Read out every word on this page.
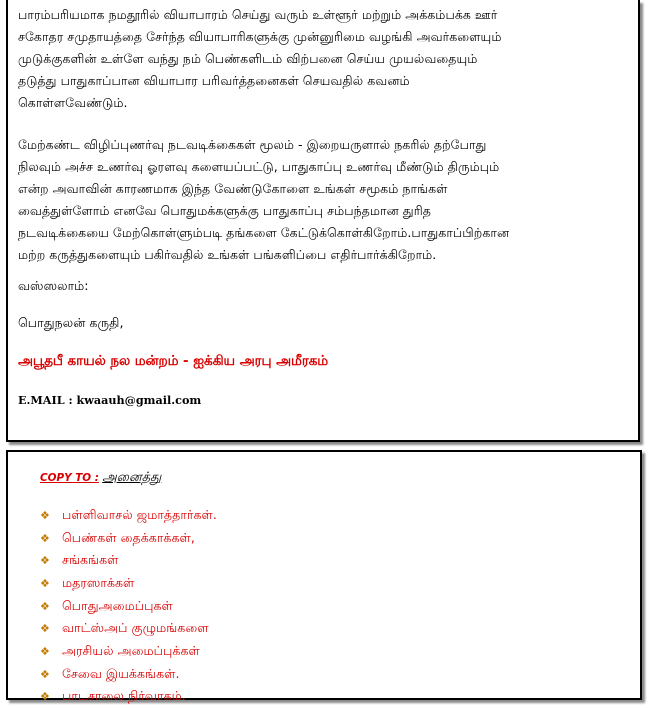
பாரம்பரியமாக நமதூரில் வியாபாரம் செய்து வரும் உள்ளூர் மற்றும் அக்கம்பக்க ஊர்
சகோதர சமுதாயத்தை சேர்ந்த வியாபாரிகளுக்கு முன்னுரிமை வழங்கி அவர்களையும்
முடுக்குகளின் உள்ளே வந்து நம் பெண்களிடம் விற்பனை செய்ய முயல்வதையும்
தடுத்து பாதுகாப்பான வியாபார பரிவர்த்தனைகள் செயவதில் கவனம்
கொள்ளவேண்டும்.
மேற்கண்ட விழிப்புணர்வு நடவடிக்கைகள் மூலம் - இறையருளால் நகரில் தற்போது
நிலவும் அச்ச உணர்வு ஓரளவு களையப்பட்டு, பாதுகாப்பு உணர்வு மீண்டும் திரும்பும்
என்ற அவாவின் காரணமாக இந்த வேண்டுகோளை உங்கள் சமூகம் நாங்கள்
வைத்துள்ளோம் எனவே பொதுமக்களுக்கு பாதுகாப்பு சம்பந்தமான துரித
நடவடிக்கையை மேற்கொள்ளும்படி தங்களை கேட்டுக்கொள்கிறோம்.பாதுகாப்பிற்கான
மற்ற கருத்துகளையும் பகிர்வதில் உங்கள் பங்களிப்பை எதிர்பார்க்கிறோம்.
வஸ்ஸலாம்:
பொதுநலன் கருதி,
அபூதபீ காயல் நல மன்றம் - ஐக்கிய அரபு அமீரகம்
E.MAIL : kwaauh@gmail.com
COPY TO : அனைத்து
❖ பள்ளிவாசல் ஜமாத்தார்கள்.
❖ பெண்கள் தைக்காக்கள்,
❖ சங்கங்கள்
❖ மதரஸாக்கள்
❖ பொதுஅமைப்புகள்
❖ வாட்ஸ்அப் குழுமங்களை
❖ அரசியல் அமைப்புக்கள்
❖ சேவை இயக்கங்கள்.
❖ பாடசாலை நிர்வாகம்.
